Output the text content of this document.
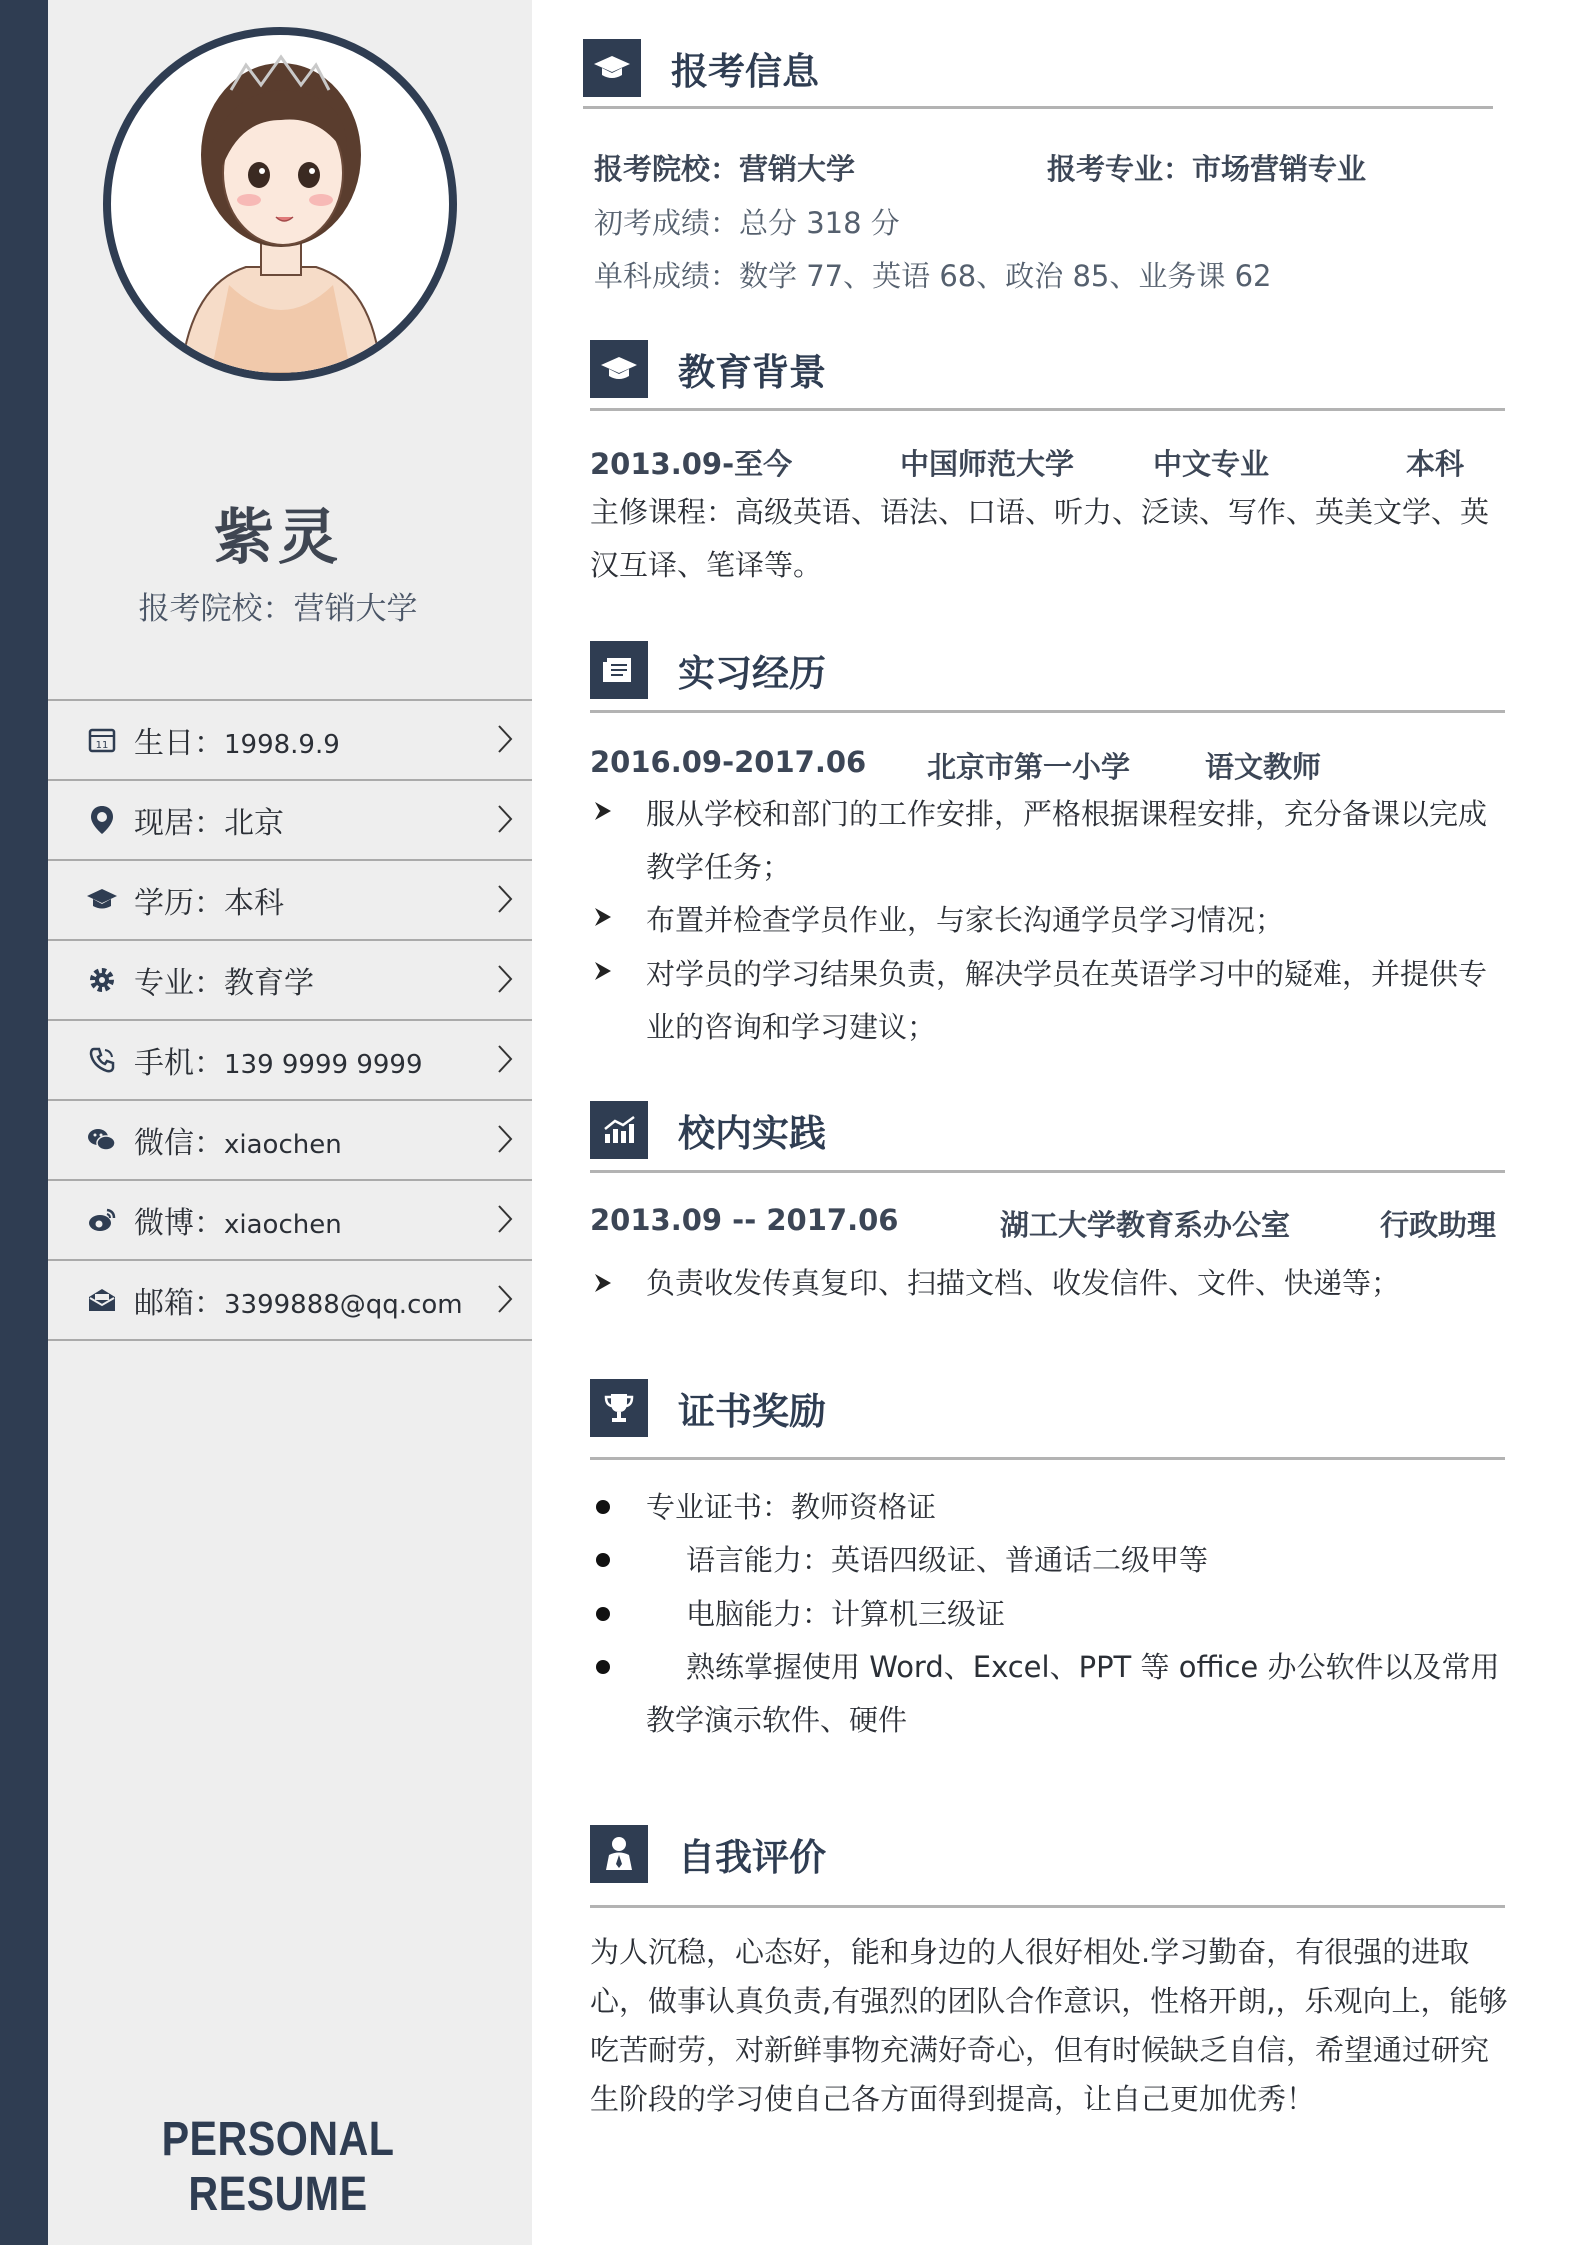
紫灵
报考院校：营销大学
11 生日：1998.9.9
现居：北京
学历：本科
专业：教育学
手机：139 9999 9999
微信：xiaochen
微博：xiaochen
邮箱：3399888@qq.com
PERSONAL RESUME
报考信息
报考院校：营销大学	报考专业：市场营销专业
初考成绩：总分 318 分
单科成绩：数学 77、英语 68、政治 85、业务课 62
教育背景
2013.09-至今	中国师范大学	中文专业	本科
主修课程：高级英语、语法、口语、听力、泛读、写作、英美文学、英汉互译、笔译等。
实习经历
2016.09-2017.06 北京市第一小学	语文教师
服从学校和部门的工作安排，严格根据课程安排，充分备课以完成教学任务；
布置并检查学员作业，与家长沟通学员学习情况；
对学员的学习结果负责，解决学员在英语学习中的疑难，并提供专业的咨询和学习建议；
校内实践
2013.09 -- 2017.06	湖工大学教育系办公室	行政助理
负责收发传真复印、扫描文档、收发信件、文件、快递等；
证书奖励
专业证书：教师资格证
语言能力：英语四级证、普通话二级甲等
电脑能力：计算机三级证
熟练掌握使用 Word、Excel、PPT 等 office 办公软件以及常用教学演示软件、硬件
自我评价
为人沉稳，心态好，能和身边的人很好相处.学习勤奋，有很强的进取心，做事认真负责,有强烈的团队合作意识，性格开朗,，乐观向上，能够吃苦耐劳，对新鲜事物充满好奇心，但有时候缺乏自信，希望通过研究生阶段的学习使自己各方面得到提高，让自己更加优秀！
